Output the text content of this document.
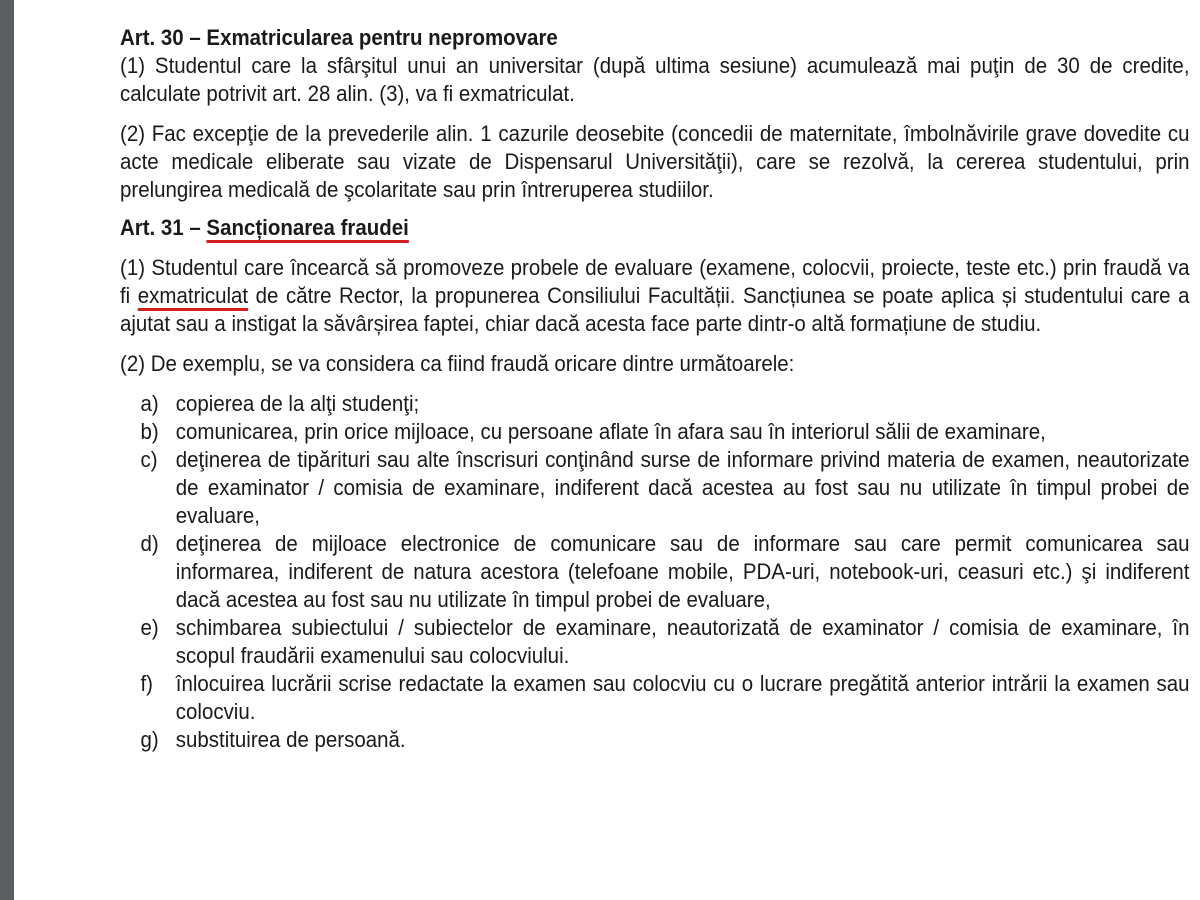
Art. 30 – Exmatricularea pentru nepromovare

(1) Studentul care la sfârşitul unui an universitar (după ultima sesiune) acumulează mai puţin de 30 de credite, calculate potrivit art. 28 alin. (3), va fi exmatriculat.

(2) Fac excepţie de la prevederile alin. 1 cazurile deosebite (concedii de maternitate, îmbolnăvirile grave dovedite cu acte medicale eliberate sau vizate de Dispensarul Universităţii), care se rezolvă, la cererea studentului, prin prelungirea medicală de şcolaritate sau prin întreruperea studiilor.

Art. 31 – Sancționarea fraudei

(1) Studentul care încearcă să promoveze probele de evaluare (examene, colocvii, proiecte, teste etc.) prin fraudă va fi exmatriculat de către Rector, la propunerea Consiliului Facultății. Sancțiunea se poate aplica și studentului care a ajutat sau a instigat la săvârșirea faptei, chiar dacă acesta face parte dintr-o altă formațiune de studiu.

(2) De exemplu, se va considera ca fiind fraudă oricare dintre următoarele:

a) copierea de la alţi studenţi;
b) comunicarea, prin orice mijloace, cu persoane aflate în afara sau în interiorul sălii de examinare,
c) deţinerea de tipărituri sau alte înscrisuri conţinând surse de informare privind materia de examen, neautorizate de examinator / comisia de examinare, indiferent dacă acestea au fost sau nu utilizate în timpul probei de evaluare,
d) deţinerea de mijloace electronice de comunicare sau de informare sau care permit comunicarea sau informarea, indiferent de natura acestora (telefoane mobile, PDA-uri, notebook-uri, ceasuri etc.) şi indiferent dacă acestea au fost sau nu utilizate în timpul probei de evaluare,
e) schimbarea subiectului / subiectelor de examinare, neautorizată de examinator / comisia de examinare, în scopul fraudării examenului sau colocviului.
f)	înlocuirea lucrării scrise redactate la examen sau colocviu cu o lucrare pregătită anterior intrării la examen sau colocviu.
g) substituirea de persoană.
